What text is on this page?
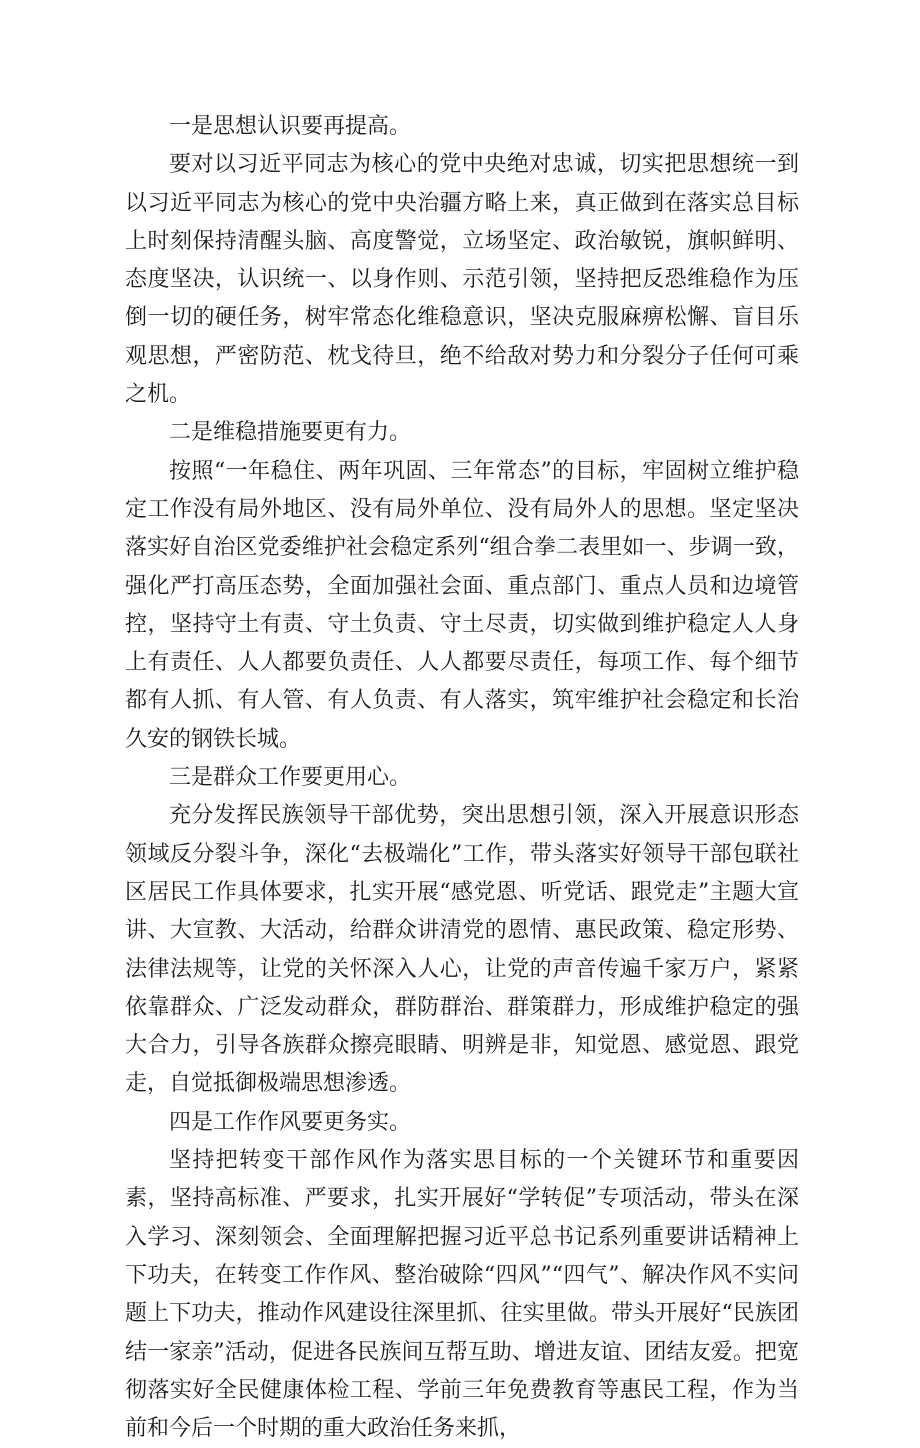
一是思想认识要再提高。

要对以习近平同志为核心的党中央绝对忠诚，切实把思想统一到以习近平同志为核心的党中央治疆方略上来，真正做到在落实总目标上时刻保持清醒头脑、高度警觉，立场坚定、政治敏锐，旗帜鲜明、态度坚决，认识统一、以身作则、示范引领，坚持把反恐维稳作为压倒一切的硬任务，树牢常态化维稳意识，坚决克服麻痹松懈、盲目乐观思想，严密防范、枕戈待旦，绝不给敌对势力和分裂分子任何可乘之机。

二是维稳措施要更有力。

按照“一年稳住、两年巩固、三年常态”的目标，牢固树立维护稳定工作没有局外地区、没有局外单位、没有局外人的思想。坚定坚决落实好自治区党委维护社会稳定系列“组合拳二表里如一、步调一致，强化严打高压态势，全面加强社会面、重点部门、重点人员和边境管控，坚持守土有责、守土负责、守土尽责，切实做到维护稳定人人身上有责任、人人都要负责任、人人都要尽责任，每项工作、每个细节都有人抓、有人管、有人负责、有人落实，筑牢维护社会稳定和长治久安的钢铁长城。

三是群众工作要更用心。

充分发挥民族领导干部优势，突出思想引领，深入开展意识形态领域反分裂斗争，深化“去极端化”工作，带头落实好领导干部包联社区居民工作具体要求，扎实开展“感党恩、听党话、跟党走”主题大宣讲、大宣教、大活动，给群众讲清党的恩情、惠民政策、稳定形势、法律法规等，让党的关怀深入人心，让党的声音传遍千家万户，紧紧依靠群众、广泛发动群众，群防群治、群策群力，形成维护稳定的强大合力，引导各族群众擦亮眼睛、明辨是非，知觉恩、感觉恩、跟党走，自觉抵御极端思想渗透。

四是工作作风要更务实。

坚持把转变干部作风作为落实思目标的一个关键环节和重要因素，坚持高标准、严要求，扎实开展好“学转促”专项活动，带头在深入学习、深刻领会、全面理解把握习近平总书记系列重要讲话精神上下功夫，在转变工作作风、整治破除“四风”“四气”、解决作风不实问题上下功夫，推动作风建设往深里抓、往实里做。带头开展好“民族团结一家亲”活动，促进各民族间互帮互助、增进友谊、团结友爱。把宽彻落实好全民健康体检工程、学前三年免费教育等惠民工程，作为当前和今后一个时期的重大政治任务来抓，
